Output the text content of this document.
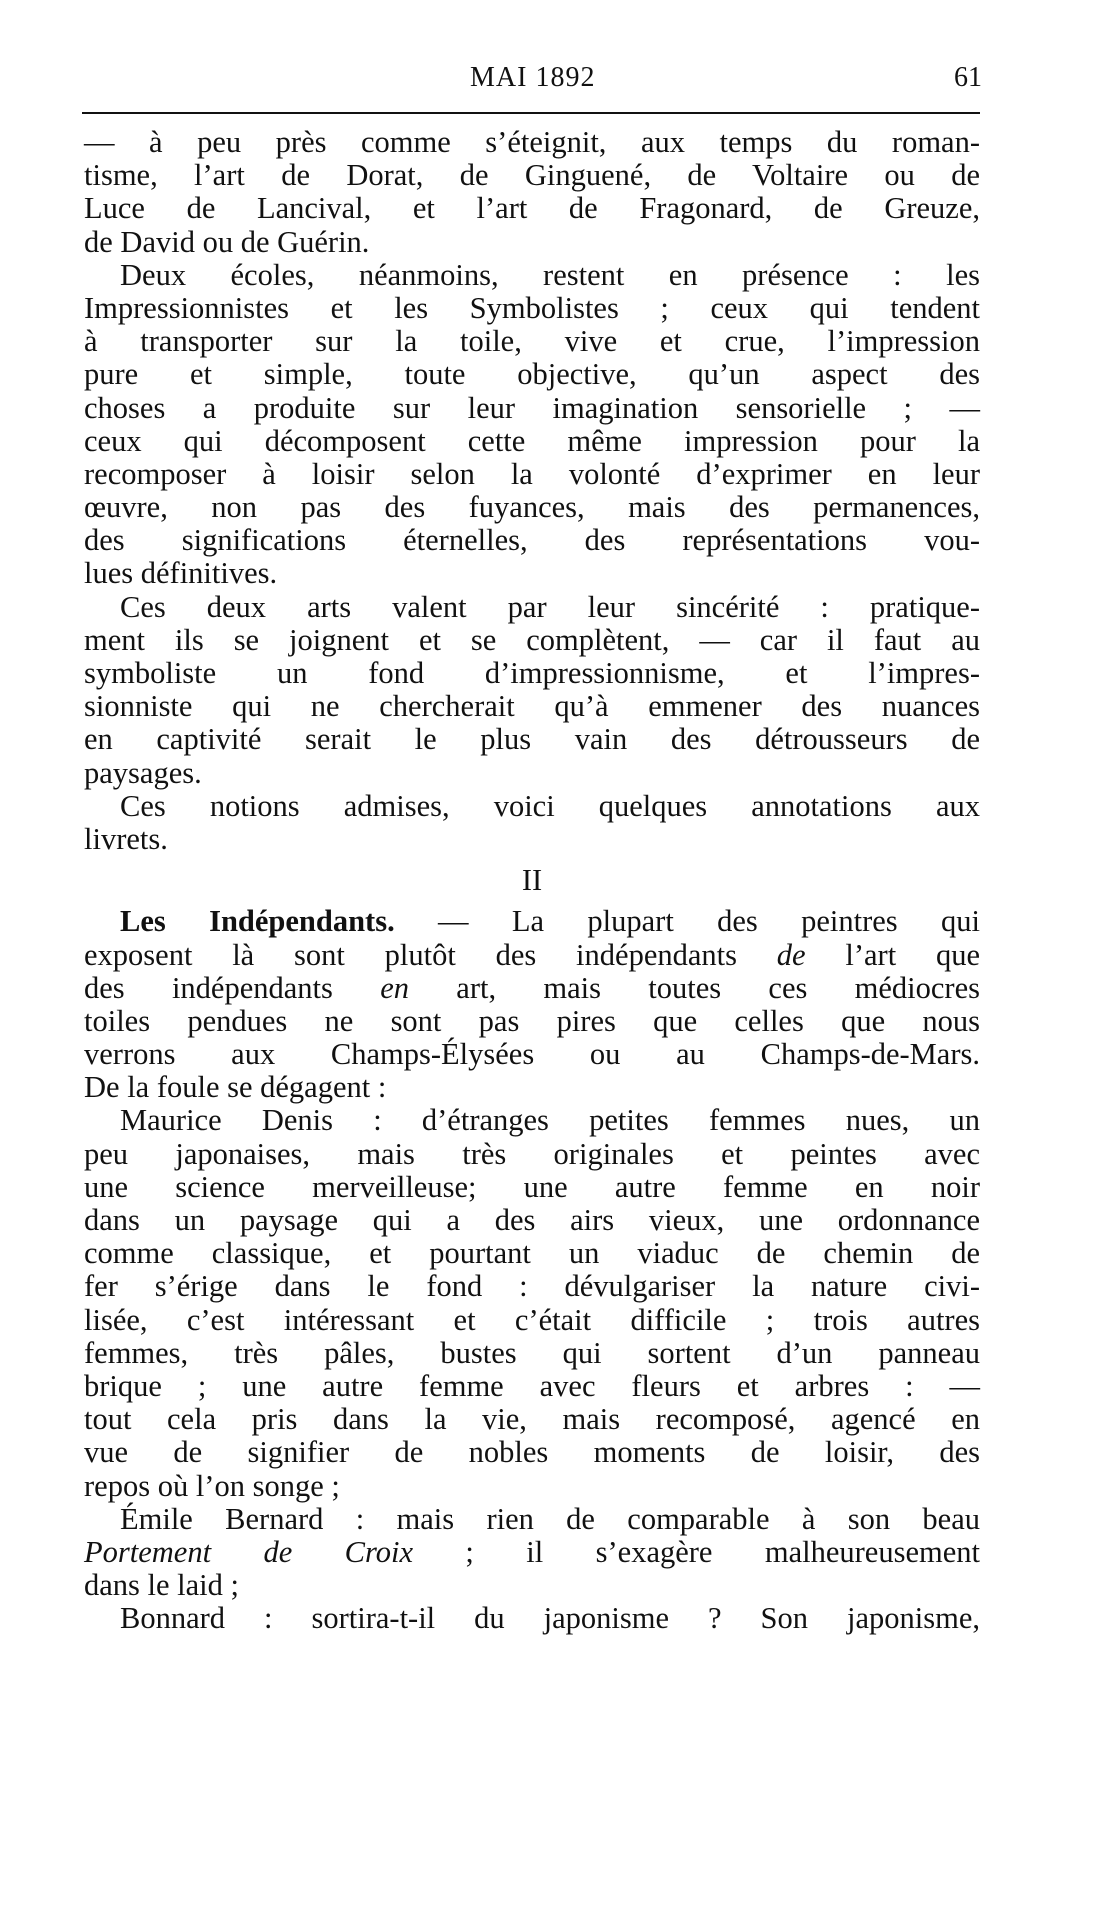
MAI 1892	61
— à peu près comme s’éteignit, aux temps du roman-
tisme, l’art de Dorat, de Ginguené, de Voltaire ou de
Luce de Lancival, et l’art de Fragonard, de Greuze,
de David ou de Guérin.
Deux écoles, néanmoins, restent en présence : les
Impressionnistes et les Symbolistes ; ceux qui tendent
à transporter sur la toile, vive et crue, l’impression
pure et simple, toute objective, qu’un aspect des
choses a produite sur leur imagination sensorielle ; —
ceux qui décomposent cette même impression pour la
recomposer à loisir selon la volonté d’exprimer en leur
œuvre, non pas des fuyances, mais des permanences,
des significations éternelles, des représentations vou-
lues définitives.
Ces deux arts valent par leur sincérité : pratique-
ment ils se joignent et se complètent, — car il faut au
symboliste un fond d’impressionnisme, et l’impres-
sionniste qui ne chercherait qu’à emmener des nuances
en captivité serait le plus vain des détrousseurs de
paysages.
Ces notions admises, voici quelques annotations aux
livrets.
II
Les Indépendants. — La plupart des peintres qui
exposent là sont plutôt des indépendants de l’art que
des indépendants en art, mais toutes ces médiocres
toiles pendues ne sont pas pires que celles que nous
verrons aux Champs-Élysées ou au Champs-de-Mars.
De la foule se dégagent :
Maurice Denis : d’étranges petites femmes nues, un
peu japonaises, mais très originales et peintes avec
une science merveilleuse; une autre femme en noir
dans un paysage qui a des airs vieux, une ordonnance
comme classique, et pourtant un viaduc de chemin de
fer s’érige dans le fond : dévulgariser la nature civi-
lisée, c’est intéressant et c’était difficile ; trois autres
femmes, très pâles, bustes qui sortent d’un panneau
brique ; une autre femme avec fleurs et arbres : —
tout cela pris dans la vie, mais recomposé, agencé en
vue de signifier de nobles moments de loisir, des
repos où l’on songe ;
Émile Bernard : mais rien de comparable à son beau
Portement de Croix ; il s’exagère malheureusement
dans le laid ;
Bonnard : sortira-t-il du japonisme ? Son japonisme,
